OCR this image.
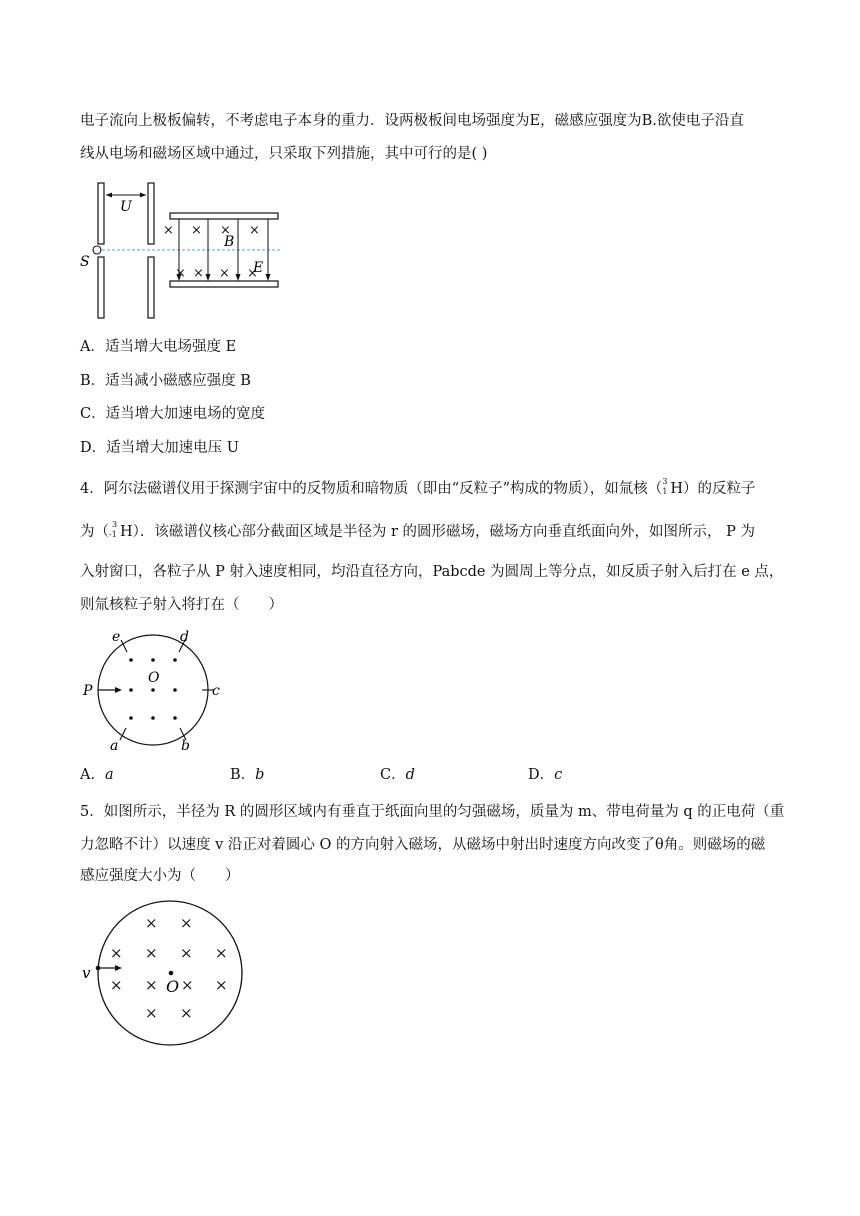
电子流向上极板偏转，不考虑电子本身的重力．设两极板间电场强度为E，磁感应强度为B.欲使电子沿直
线从电场和磁场区域中通过，只采取下列措施，其中可行的是( )
U
S
× × × ×
× × × ×
B
E
A．适当增大电场强度 E
B．适当减小磁感应强度 B
C．适当增大加速电场的宽度
D．适当增大加速电压 U
4．阿尔法磁谱仪用于探测宇宙中的反物质和暗物质（即由“反粒子”构成的物质），如氚核（ 3
1 H）的反粒子
为（ 3
-1 H）．该磁谱仪核心部分截面区域是半径为 r 的圆形磁场，磁场方向垂直纸面向外，如图所示， P 为
入射窗口，各粒子从 P 射入速度相同，均沿直径方向，Pabcde 为圆周上等分点，如反质子射入后打在 e 点，
则氚核粒子射入将打在（　　）
P
O
e	d
c
a	b
A．a	B．b	C．d	D．c
5．如图所示，半径为 R 的圆形区域内有垂直于纸面向里的匀强磁场，质量为 m、带电荷量为 q 的正电荷（重
力忽略不计）以速度 v 沿正对着圆心 O 的方向射入磁场，从磁场中射出时速度方向改变了θ角。则磁场的磁
感应强度大小为（　　）
× ×
× × × ×
× × × ×
× ×
v
O
